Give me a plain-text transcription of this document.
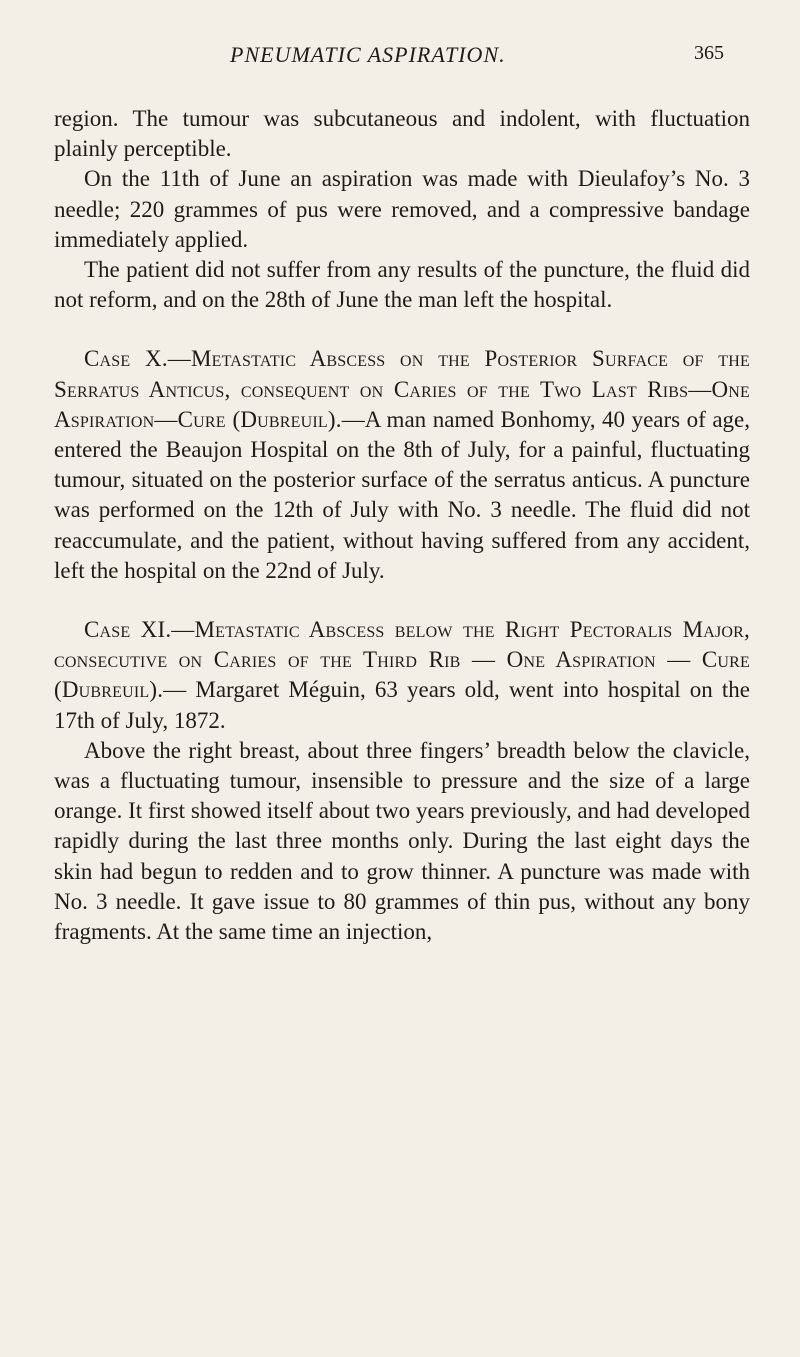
PNEUMATIC ASPIRATION.	365

region. The tumour was subcutaneous and indolent, with fluctuation plainly perceptible.

On the 11th of June an aspiration was made with Dieulafoy’s No. 3 needle; 220 grammes of pus were removed, and a compressive bandage immediately applied.

The patient did not suffer from any results of the puncture, the fluid did not reform, and on the 28th of June the man left the hospital.

Case X.—Metastatic Abscess on the Posterior Surface of the Serratus Anticus, consequent on Caries of the Two Last Ribs—One Aspiration—Cure (Dubreuil).—A man named Bonhomy, 40 years of age, entered the Beaujon Hospital on the 8th of July, for a painful, fluctuating tumour, situated on the posterior surface of the serratus anticus. A puncture was performed on the 12th of July with No. 3 needle. The fluid did not reaccumulate, and the patient, without having suffered from any accident, left the hospital on the 22nd of July.

Case XI.—Metastatic Abscess below the Right Pectoralis Major, consecutive on Caries of the Third Rib — One Aspiration — Cure (Dubreuil).— Margaret Méguin, 63 years old, went into hospital on the 17th of July, 1872.

Above the right breast, about three fingers’ breadth below the clavicle, was a fluctuating tumour, insensible to pressure and the size of a large orange. It first showed itself about two years previously, and had developed rapidly during the last three months only. During the last eight days the skin had begun to redden and to grow thinner. A puncture was made with No. 3 needle. It gave issue to 80 grammes of thin pus, without any bony fragments. At the same time an injection,
